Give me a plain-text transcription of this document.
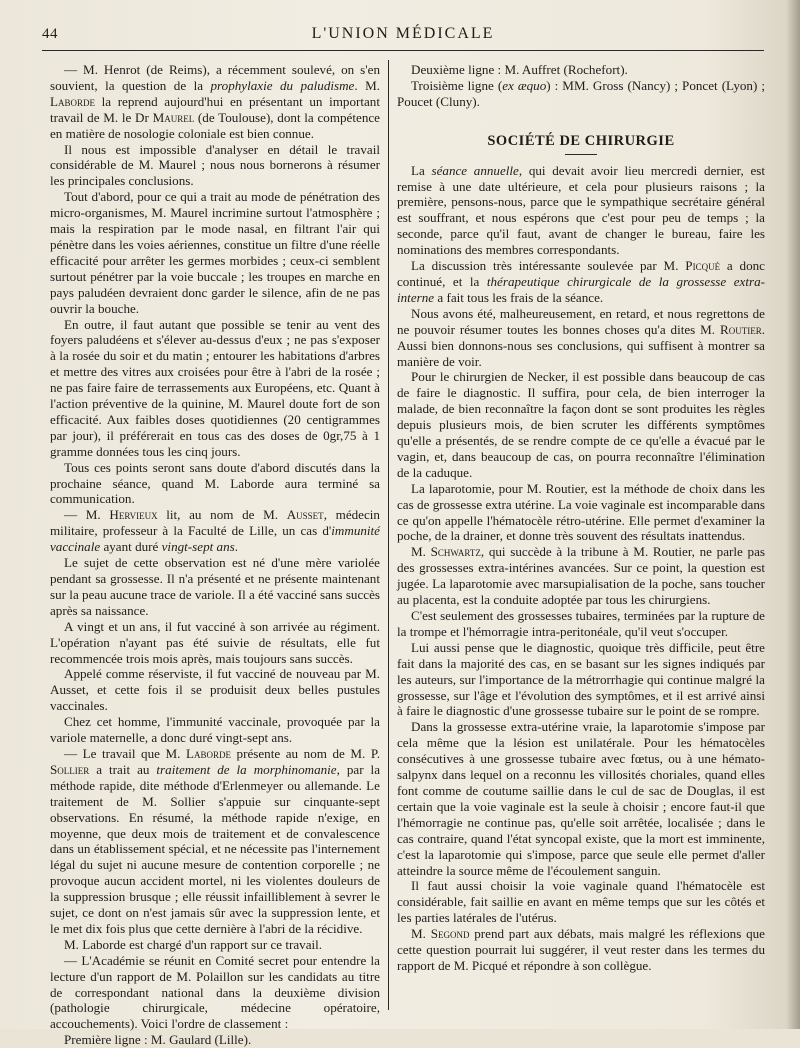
44	L'UNION MÉDICALE

— M. Henrot (de Reims), a récemment soulevé, on s'en souvient, la question de la prophylaxie du paludisme. M. Laborde la reprend aujourd'hui en présentant un important travail de M. le Dr Maurel (de Toulouse), dont la compétence en matière de nosologie coloniale est bien connue.

Il nous est impossible d'analyser en détail le travail considérable de M. Maurel ; nous nous bornerons à résumer les principales conclusions.

Tout d'abord, pour ce qui a trait au mode de pénétration des micro-organismes, M. Maurel incrimine surtout l'atmosphère ; mais la respiration par le mode nasal, en filtrant l'air qui pénètre dans les voies aériennes, constitue un filtre d'une réelle efficacité pour arrêter les germes morbides ; ceux-ci semblent surtout pénétrer par la voie buccale ; les troupes en marche en pays paludéen devraient donc garder le silence, afin de ne pas ouvrir la bouche.

En outre, il faut autant que possible se tenir au vent des foyers paludéens et s'élever au-dessus d'eux ; ne pas s'exposer à la rosée du soir et du matin ; entourer les habitations d'arbres et mettre des vitres aux croisées pour être à l'abri de la rosée ; ne pas faire faire de terrassements aux Européens, etc. Quant à l'action préventive de la quinine, M. Maurel doute fort de son efficacité. Aux faibles doses quotidiennes (20 centigrammes par jour), il préférerait en tous cas des doses de 0gr,75 à 1 gramme données tous les cinq jours.

Tous ces points seront sans doute d'abord discutés dans la prochaine séance, quand M. Laborde aura terminé sa communication.

— M. Hervieux lit, au nom de M. Ausset, médecin militaire, professeur à la Faculté de Lille, un cas d'immunité vaccinale ayant duré vingt-sept ans.

Le sujet de cette observation est né d'une mère variolée pendant sa grossesse. Il n'a présenté et ne présente maintenant sur la peau aucune trace de variole. Il a été vacciné sans succès après sa naissance.

A vingt et un ans, il fut vacciné à son arrivée au régiment. L'opération n'ayant pas été suivie de résultats, elle fut recommencée trois mois après, mais toujours sans succès.

Appelé comme réserviste, il fut vacciné de nouveau par M. Ausset, et cette fois il se produisit deux belles pustules vaccinales.

Chez cet homme, l'immunité vaccinale, provoquée par la variole maternelle, a donc duré vingt-sept ans.

— Le travail que M. Laborde présente au nom de M. P. Sollier a trait au traitement de la morphinomanie, par la méthode rapide, dite méthode d'Erlenmeyer ou allemande. Le traitement de M. Sollier s'appuie sur cinquante-sept observations. En résumé, la méthode rapide n'exige, en moyenne, que deux mois de traitement et de convalescence dans un établissement spécial, et ne nécessite pas l'internement légal du sujet ni aucune mesure de contention corporelle ; ne provoque aucun accident mortel, ni les violentes douleurs de la suppression brusque ; elle réussit infailliblement à sevrer le sujet, ce dont on n'est jamais sûr avec la suppression lente, et le met dix fois plus que cette dernière à l'abri de la récidive.

M. Laborde est chargé d'un rapport sur ce travail.

— L'Académie se réunit en Comité secret pour entendre la lecture d'un rapport de M. Polaillon sur les candidats au titre de correspondant national dans la deuxième division (pathologie chirurgicale, médecine opératoire, accouchements). Voici l'ordre de classement :

Première ligne : M. Gaulard (Lille).

Deuxième ligne : M. Auffret (Rochefort).

Troisième ligne (ex æquo) : MM. Gross (Nancy) ; Poncet (Lyon) ; Poucet (Cluny).

SOCIÉTÉ DE CHIRURGIE

La séance annuelle, qui devait avoir lieu mercredi dernier, est remise à une date ultérieure, et cela pour plusieurs raisons ; la première, pensons-nous, parce que le sympathique secrétaire général est souffrant, et nous espérons que c'est pour peu de temps ; la seconde, parce qu'il faut, avant de changer le bureau, faire les nominations des membres correspondants.

La discussion très intéressante soulevée par M. Picqué a donc continué, et la thérapeutique chirurgicale de la grossesse extra-interne a fait tous les frais de la séance.

Nous avons été, malheureusement, en retard, et nous regrettons de ne pouvoir résumer toutes les bonnes choses qu'a dites M. Routier. Aussi bien donnons-nous ses conclusions, qui suffisent à montrer sa manière de voir.

Pour le chirurgien de Necker, il est possible dans beaucoup de cas de faire le diagnostic. Il suffira, pour cela, de bien interroger la malade, de bien reconnaître la façon dont se sont produites les règles depuis plusieurs mois, de bien scruter les différents symptômes qu'elle a présentés, de se rendre compte de ce qu'elle a évacué par le vagin, et, dans beaucoup de cas, on pourra reconnaître l'élimination de la caduque.

La laparotomie, pour M. Routier, est la méthode de choix dans les cas de grossesse extra utérine. La voie vaginale est incomparable dans ce qu'on appelle l'hématocèle rétro-utérine. Elle permet d'examiner la poche, de la drainer, et donne très souvent des résultats inattendus.

M. Schwartz, qui succède à la tribune à M. Routier, ne parle pas des grossesses extra-intérines avancées. Sur ce point, la question est jugée. La laparotomie avec marsupialisation de la poche, sans toucher au placenta, est la conduite adoptée par tous les chirurgiens.

C'est seulement des grossesses tubaires, terminées par la rupture de la trompe et l'hémorragie intra-peritonéale, qu'il veut s'occuper.

Lui aussi pense que le diagnostic, quoique très difficile, peut être fait dans la majorité des cas, en se basant sur les signes indiqués par les auteurs, sur l'importance de la métrorrhagie qui continue malgré la grossesse, sur l'âge et l'évolution des symptômes, et il est arrivé ainsi à faire le diagnostic d'une grossesse tubaire sur le point de se rompre.

Dans la grossesse extra-utérine vraie, la laparotomie s'impose par cela même que la lésion est unilatérale. Pour les hématocèles consécutives à une grossesse tubaire avec fœtus, ou à une hémato-salpynx dans lequel on a reconnu les villosités choriales, quand elles font comme de coutume saillie dans le cul de sac de Douglas, il est certain que la voie vaginale est la seule à choisir ; encore faut-il que l'hémorragie ne continue pas, qu'elle soit arrêtée, localisée ; dans le cas contraire, quand l'état syncopal existe, que la mort est imminente, c'est la laparotomie qui s'impose, parce que seule elle permet d'aller atteindre la source même de l'écoulement sanguin.

Il faut aussi choisir la voie vaginale quand l'hématocèle est considérable, fait saillie en avant en même temps que sur les côtés et les parties latérales de l'utérus.

M. Segond prend part aux débats, mais malgré les réflexions que cette question pourrait lui suggérer, il veut rester dans les termes du rapport de M. Picqué et répondre à son collègue.
